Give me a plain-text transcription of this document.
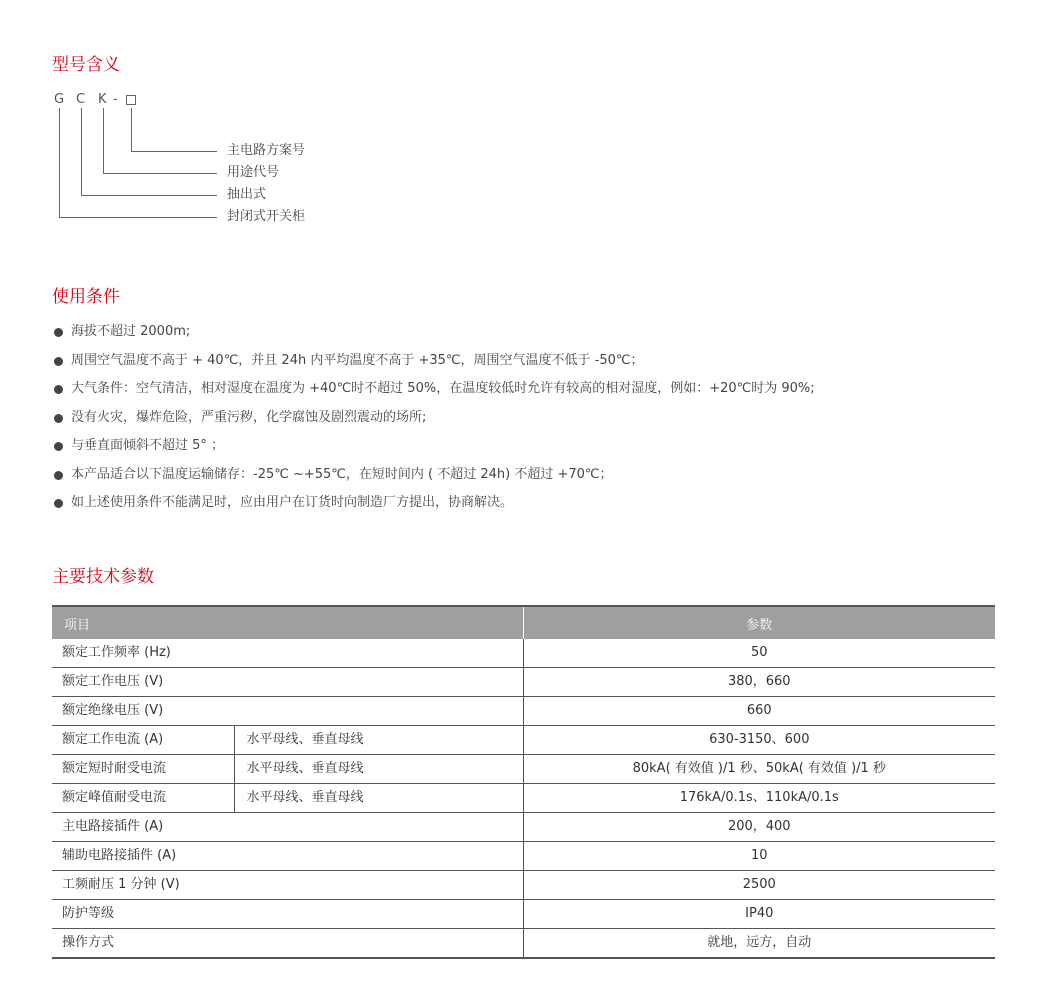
型号含义
G C K -
主电路方案号
用途代号
抽出式
封闭式开关柜
使用条件
海拔不超过 2000m;
周围空气温度不高于 + 40℃，并且 24h 内平均温度不高于 +35℃，周围空气温度不低于 -50℃；
大气条件：空气清洁，相对湿度在温度为 +40℃时不超过 50%，在温度较低时允许有较高的相对湿度，例如：+20℃时为 90%;
没有火灾，爆炸危险，严重污秽，化学腐蚀及剧烈震动的场所;
与垂直面倾斜不超过 5° ；
本产品适合以下温度运输储存：-25℃ ~+55℃，在短时间内 ( 不超过 24h) 不超过 +70℃；
如上述使用条件不能满足时，应由用户在订货时向制造厂方提出，协商解决。
主要技术参数
项目		参数
额定工作频率 (Hz)		50
额定工作电压 (V)		380，660
额定绝缘电压 (V)		660
额定工作电流 (A)	水平母线、垂直母线	630-3150、600
额定短时耐受电流	水平母线、垂直母线	80kA( 有效值 )/1 秒、50kA( 有效值 )/1 秒
额定峰值耐受电流	水平母线、垂直母线	176kA/0.1s、110kA/0.1s
主电路接插件 (A)		200，400
辅助电路接插件 (A)		10
工频耐压 1 分钟 (V)		2500
防护等级		IP40
操作方式		就地，远方，自动
